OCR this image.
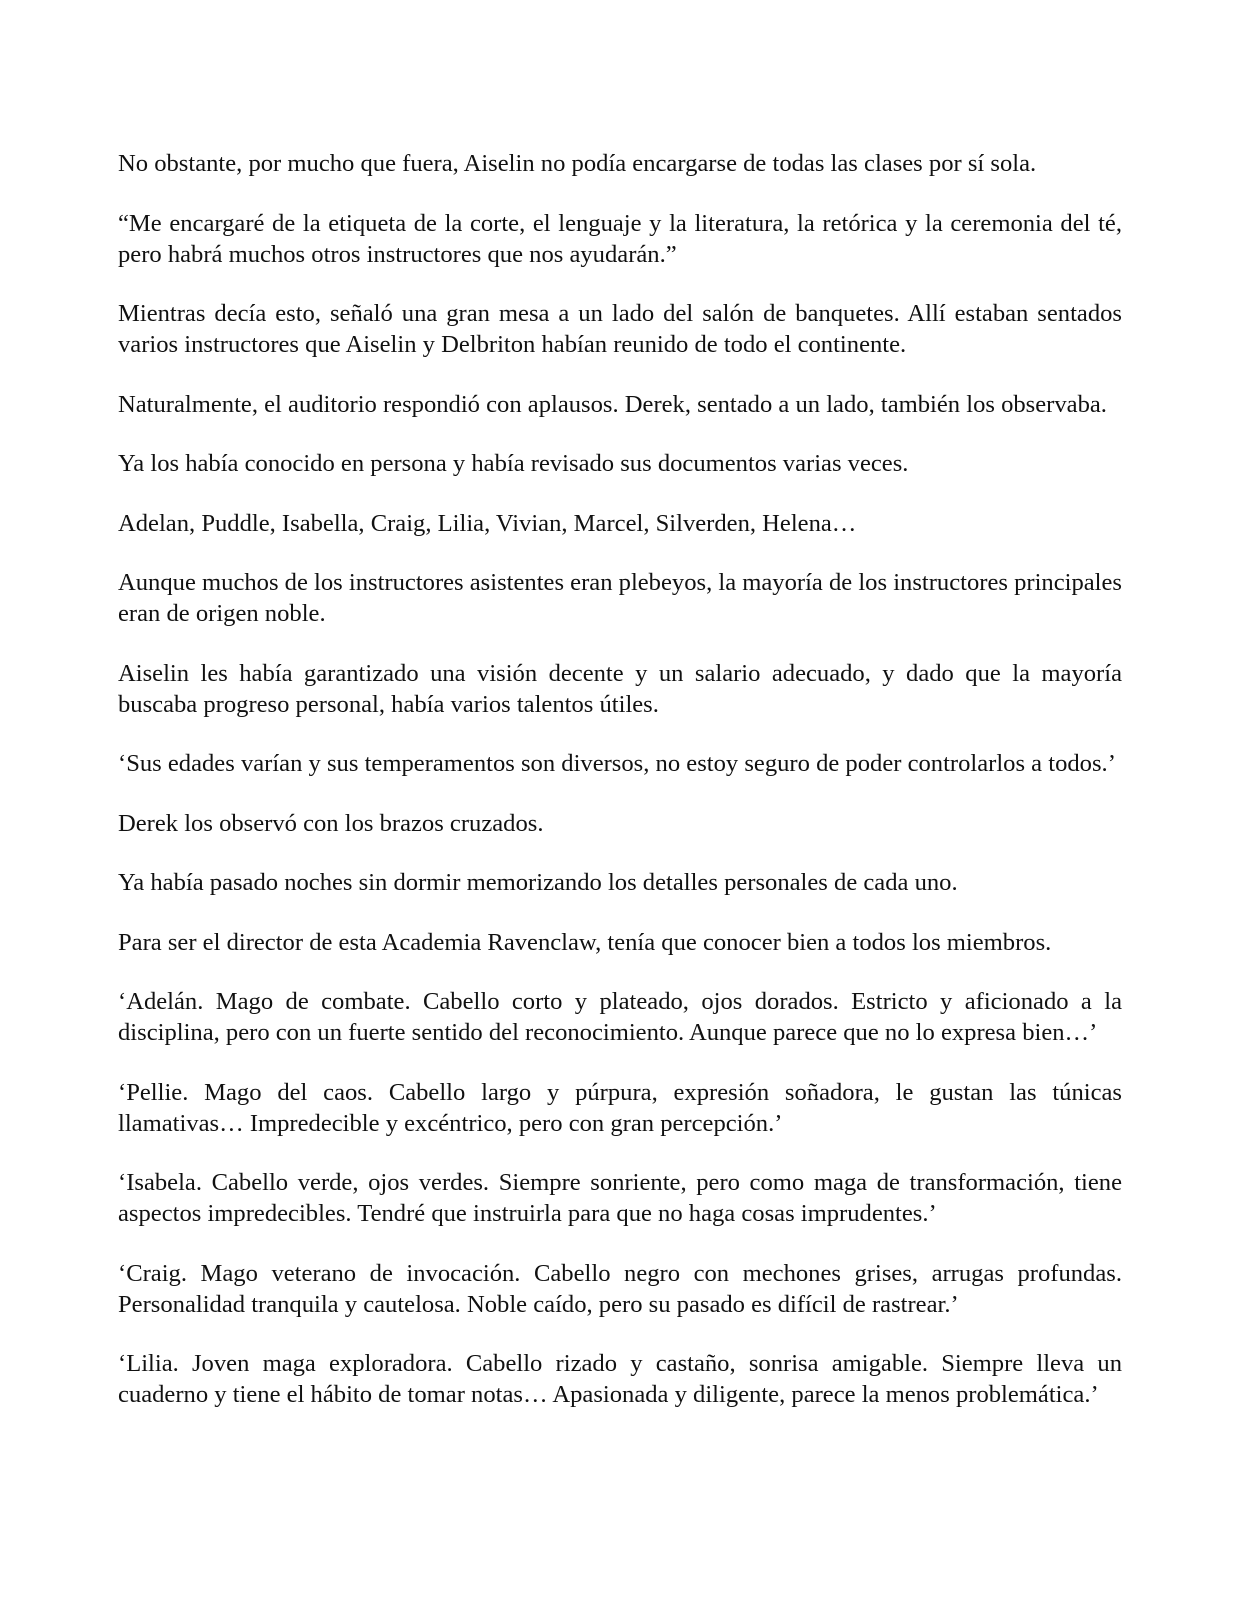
No obstante, por mucho que fuera, Aiselin no podía encargarse de todas las clases por sí sola.

“Me encargaré de la etiqueta de la corte, el lenguaje y la literatura, la retórica y la ceremonia del té, pero habrá muchos otros instructores que nos ayudarán.”

Mientras decía esto, señaló una gran mesa a un lado del salón de banquetes. Allí estaban sentados varios instructores que Aiselin y Delbriton habían reunido de todo el continente.

Naturalmente, el auditorio respondió con aplausos. Derek, sentado a un lado, también los observaba.

Ya los había conocido en persona y había revisado sus documentos varias veces.

Adelan, Puddle, Isabella, Craig, Lilia, Vivian, Marcel, Silverden, Helena…

Aunque muchos de los instructores asistentes eran plebeyos, la mayoría de los instructores principales eran de origen noble.

Aiselin les había garantizado una visión decente y un salario adecuado, y dado que la mayoría buscaba progreso personal, había varios talentos útiles.

‘Sus edades varían y sus temperamentos son diversos, no estoy seguro de poder controlarlos a todos.’

Derek los observó con los brazos cruzados.

Ya había pasado noches sin dormir memorizando los detalles personales de cada uno.

Para ser el director de esta Academia Ravenclaw, tenía que conocer bien a todos los miembros.

‘Adelán. Mago de combate. Cabello corto y plateado, ojos dorados. Estricto y aficionado a la disciplina, pero con un fuerte sentido del reconocimiento. Aunque parece que no lo expresa bien…’

‘Pellie. Mago del caos. Cabello largo y púrpura, expresión soñadora, le gustan las túnicas llamativas… Impredecible y excéntrico, pero con gran percepción.’

‘Isabela. Cabello verde, ojos verdes. Siempre sonriente, pero como maga de transformación, tiene aspectos impredecibles. Tendré que instruirla para que no haga cosas imprudentes.’

‘Craig. Mago veterano de invocación. Cabello negro con mechones grises, arrugas profundas. Personalidad tranquila y cautelosa. Noble caído, pero su pasado es difícil de rastrear.’

‘Lilia. Joven maga exploradora. Cabello rizado y castaño, sonrisa amigable. Siempre lleva un cuaderno y tiene el hábito de tomar notas… Apasionada y diligente, parece la menos problemática.’
